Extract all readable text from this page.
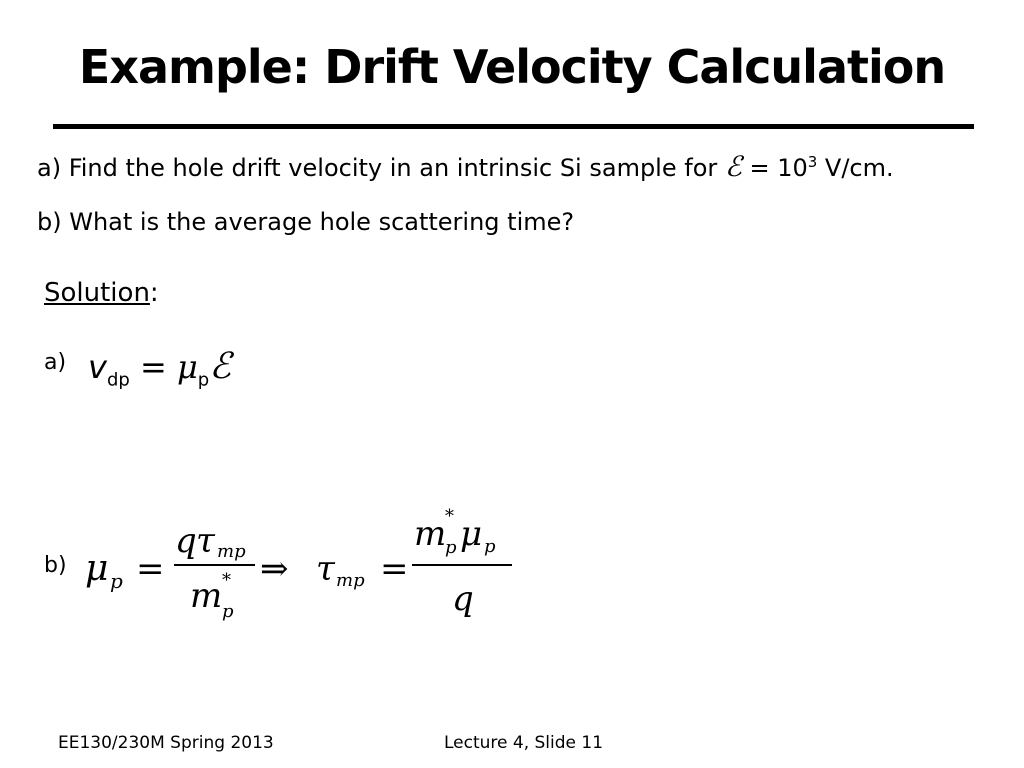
Example: Drift Velocity Calculation
a) Find the hole drift velocity in an intrinsic Si sample for ℰ = $10^3$ V/cm.
b) What is the average hole scattering time?
Solution:
a) $v_{dp}$ = $\mu_pℰ$
b) μ p =
q τ mp
m *
p
⇒ τ mp =
m
*
p μ p
q
EE130/230M Spring 2013	Lecture 4, Slide 11
